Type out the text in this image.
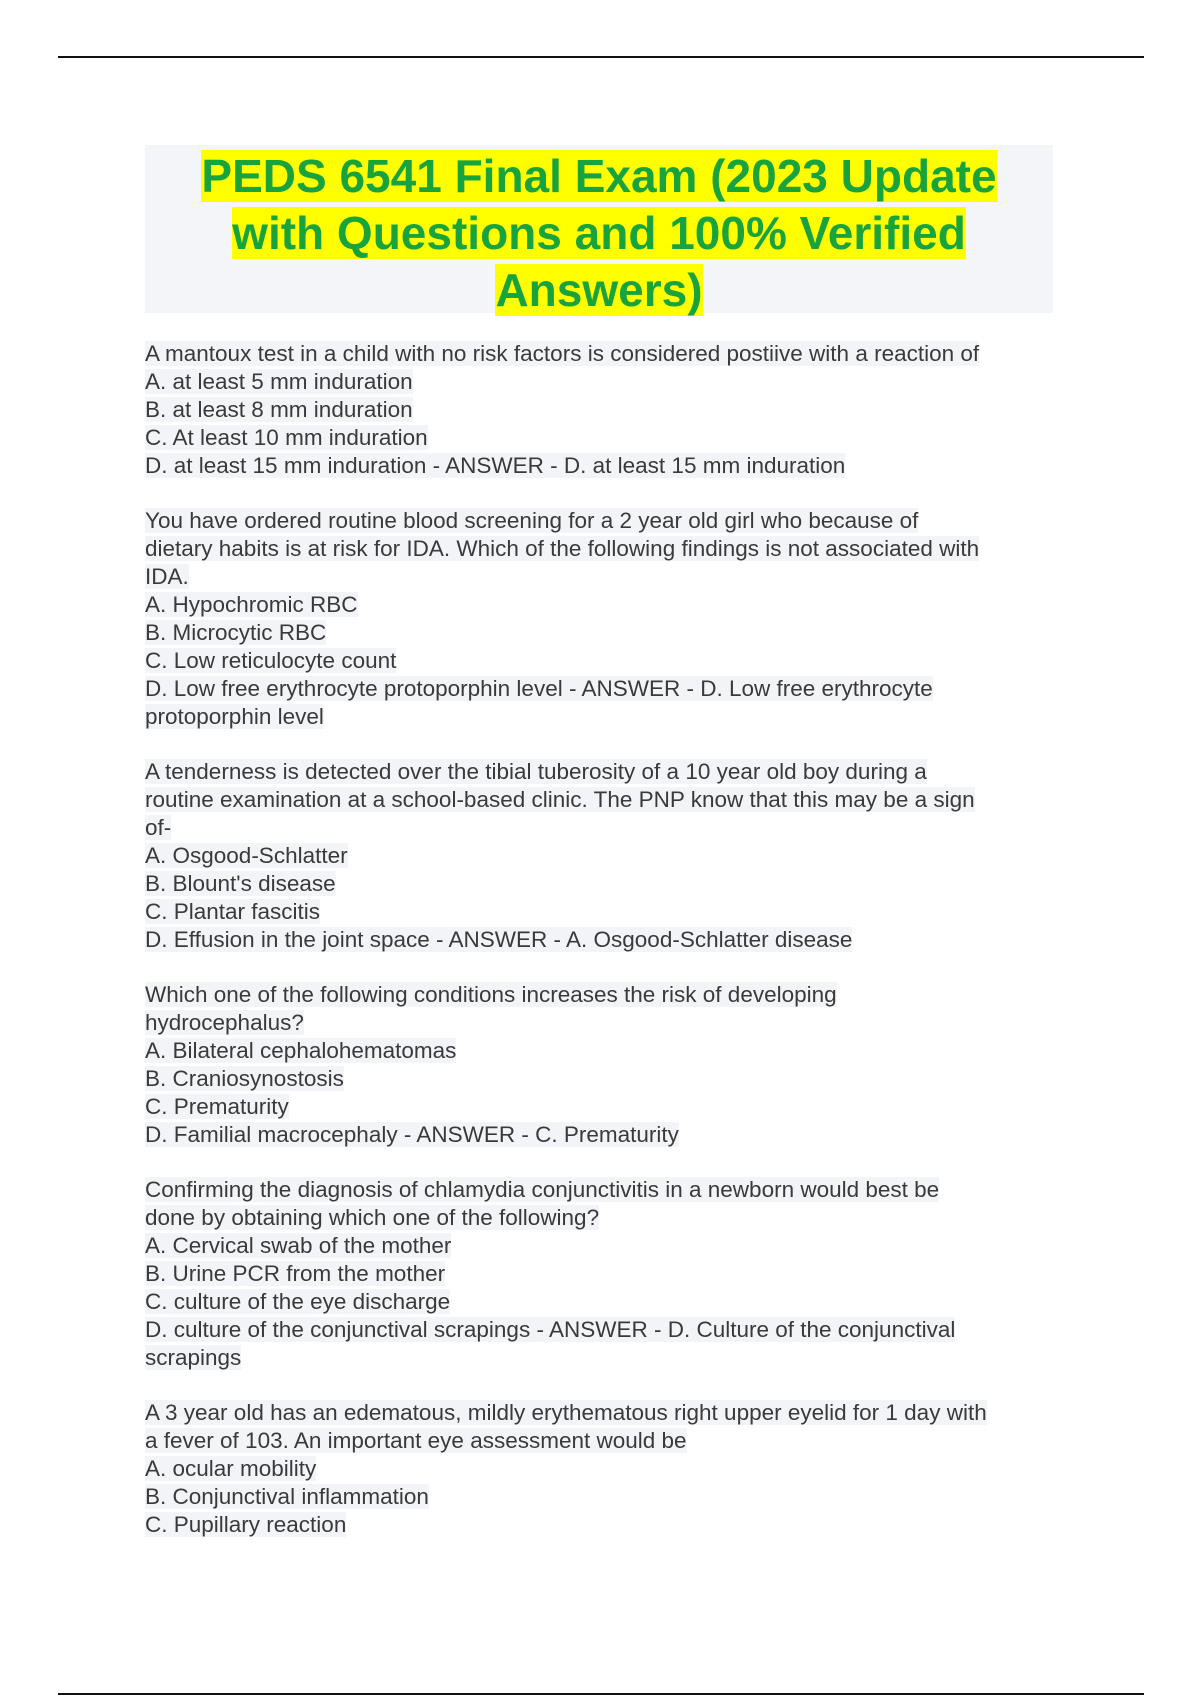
PEDS 6541 Final Exam (2023 Update
with Questions and 100% Verified
Answers)
A mantoux test in a child with no risk factors is considered postiive with a reaction of
A. at least 5 mm induration
B. at least 8 mm induration
C. At least 10 mm induration
D. at least 15 mm induration - ANSWER - D. at least 15 mm induration
You have ordered routine blood screening for a 2 year old girl who because of
dietary habits is at risk for IDA. Which of the following findings is not associated with
IDA.
A. Hypochromic RBC
B. Microcytic RBC
C. Low reticulocyte count
D. Low free erythrocyte protoporphin level - ANSWER - D. Low free erythrocyte
protoporphin level
A tenderness is detected over the tibial tuberosity of a 10 year old boy during a
routine examination at a school-based clinic. The PNP know that this may be a sign
of-
A. Osgood-Schlatter
B. Blount's disease
C. Plantar fascitis
D. Effusion in the joint space - ANSWER - A. Osgood-Schlatter disease
Which one of the following conditions increases the risk of developing
hydrocephalus?
A. Bilateral cephalohematomas
B. Craniosynostosis
C. Prematurity
D. Familial macrocephaly - ANSWER - C. Prematurity
Confirming the diagnosis of chlamydia conjunctivitis in a newborn would best be
done by obtaining which one of the following?
A. Cervical swab of the mother
B. Urine PCR from the mother
C. culture of the eye discharge
D. culture of the conjunctival scrapings - ANSWER - D. Culture of the conjunctival
scrapings
A 3 year old has an edematous, mildly erythematous right upper eyelid for 1 day with
a fever of 103. An important eye assessment would be
A. ocular mobility
B. Conjunctival inflammation
C. Pupillary reaction
